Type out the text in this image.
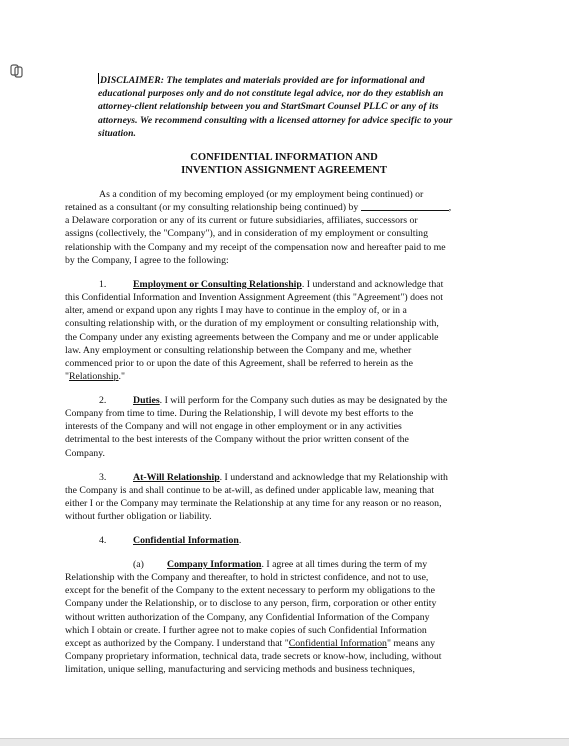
DISCLAIMER: The templates and materials provided are for informational and
educational purposes only and do not constitute legal advice, nor do they establish an
attorney-client relationship between you and StartSmart Counsel PLLC or any of its
attorneys. We recommend consulting with a licensed attorney for advice specific to your
situation.
CONFIDENTIAL INFORMATION AND
INVENTION ASSIGNMENT AGREEMENT
As a condition of my becoming employed (or my employment being continued) or
retained as a consultant (or my consulting relationship being continued) by	,
a Delaware corporation or any of its current or future subsidiaries, affiliates, successors or
assigns (collectively, the "Company"), and in consideration of my employment or consulting
relationship with the Company and my receipt of the compensation now and hereafter paid to me
by the Company, I agree to the following:
1.	Employment or Consulting Relationship. I understand and acknowledge that
this Confidential Information and Invention Assignment Agreement (this "Agreement") does not
alter, amend or expand upon any rights I may have to continue in the employ of, or in a
consulting relationship with, or the duration of my employment or consulting relationship with,
the Company under any existing agreements between the Company and me or under applicable
law. Any employment or consulting relationship between the Company and me, whether
commenced prior to or upon the date of this Agreement, shall be referred to herein as the
"Relationship."
2.	Duties. I will perform for the Company such duties as may be designated by the
Company from time to time. During the Relationship, I will devote my best efforts to the
interests of the Company and will not engage in other employment or in any activities
detrimental to the best interests of the Company without the prior written consent of the
Company.
3.	At-Will Relationship. I understand and acknowledge that my Relationship with
the Company is and shall continue to be at-will, as defined under applicable law, meaning that
either I or the Company may terminate the Relationship at any time for any reason or no reason,
without further obligation or liability.
4.	Confidential Information.
(a) Company Information. I agree at all times during the term of my
Relationship with the Company and thereafter, to hold in strictest confidence, and not to use,
except for the benefit of the Company to the extent necessary to perform my obligations to the
Company under the Relationship, or to disclose to any person, firm, corporation or other entity
without written authorization of the Company, any Confidential Information of the Company
which I obtain or create. I further agree not to make copies of such Confidential Information
except as authorized by the Company. I understand that "Confidential Information" means any
Company proprietary information, technical data, trade secrets or know-how, including, without
limitation, unique selling, manufacturing and servicing methods and business techniques,
